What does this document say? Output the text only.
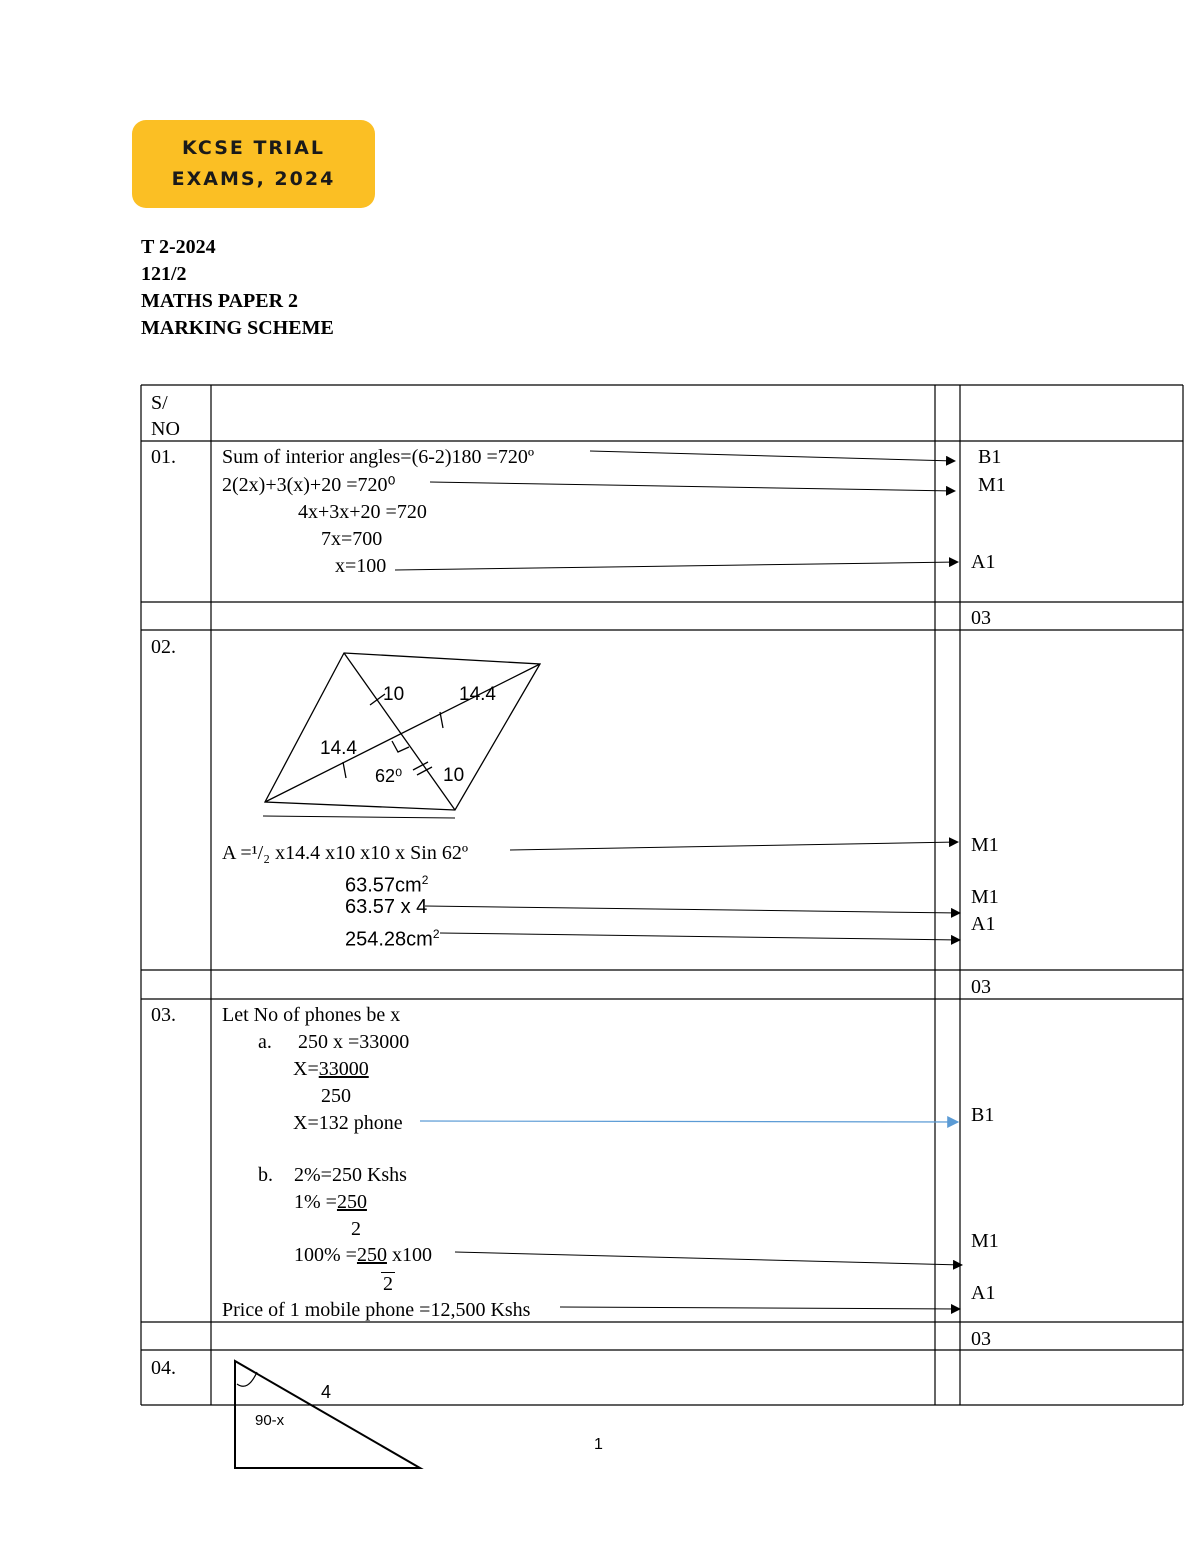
KCSE TRIAL
EXAMS, 2024
T 2-2024
121/2
MATHS PAPER 2
MARKING SCHEME
S/
NO
01. Sum of interior angles=(6-2)180 =720º
2(2x)+3(x)+20 =720⁰
4x+3x+20 =720
7x=700
x=100
B1
M1
A1
03
02.
10	14.4
14.4
62⁰ 10
A =¹/₂ x14.4 x10 x10 x Sin 62º
$63.57cm^2$
63.57 x 4
$254.28cm^2$
M1
M1
A1
03
03. Let No of phones be x
a. 250 x =33000
X=33000
250
X=132 phone
b. 2%=250 Kshs
1% =250
2
100% =250 x100
2
Price of 1 mobile phone =12,500 Kshs
B1
M1
A1
03
04.
4
90-x
1
